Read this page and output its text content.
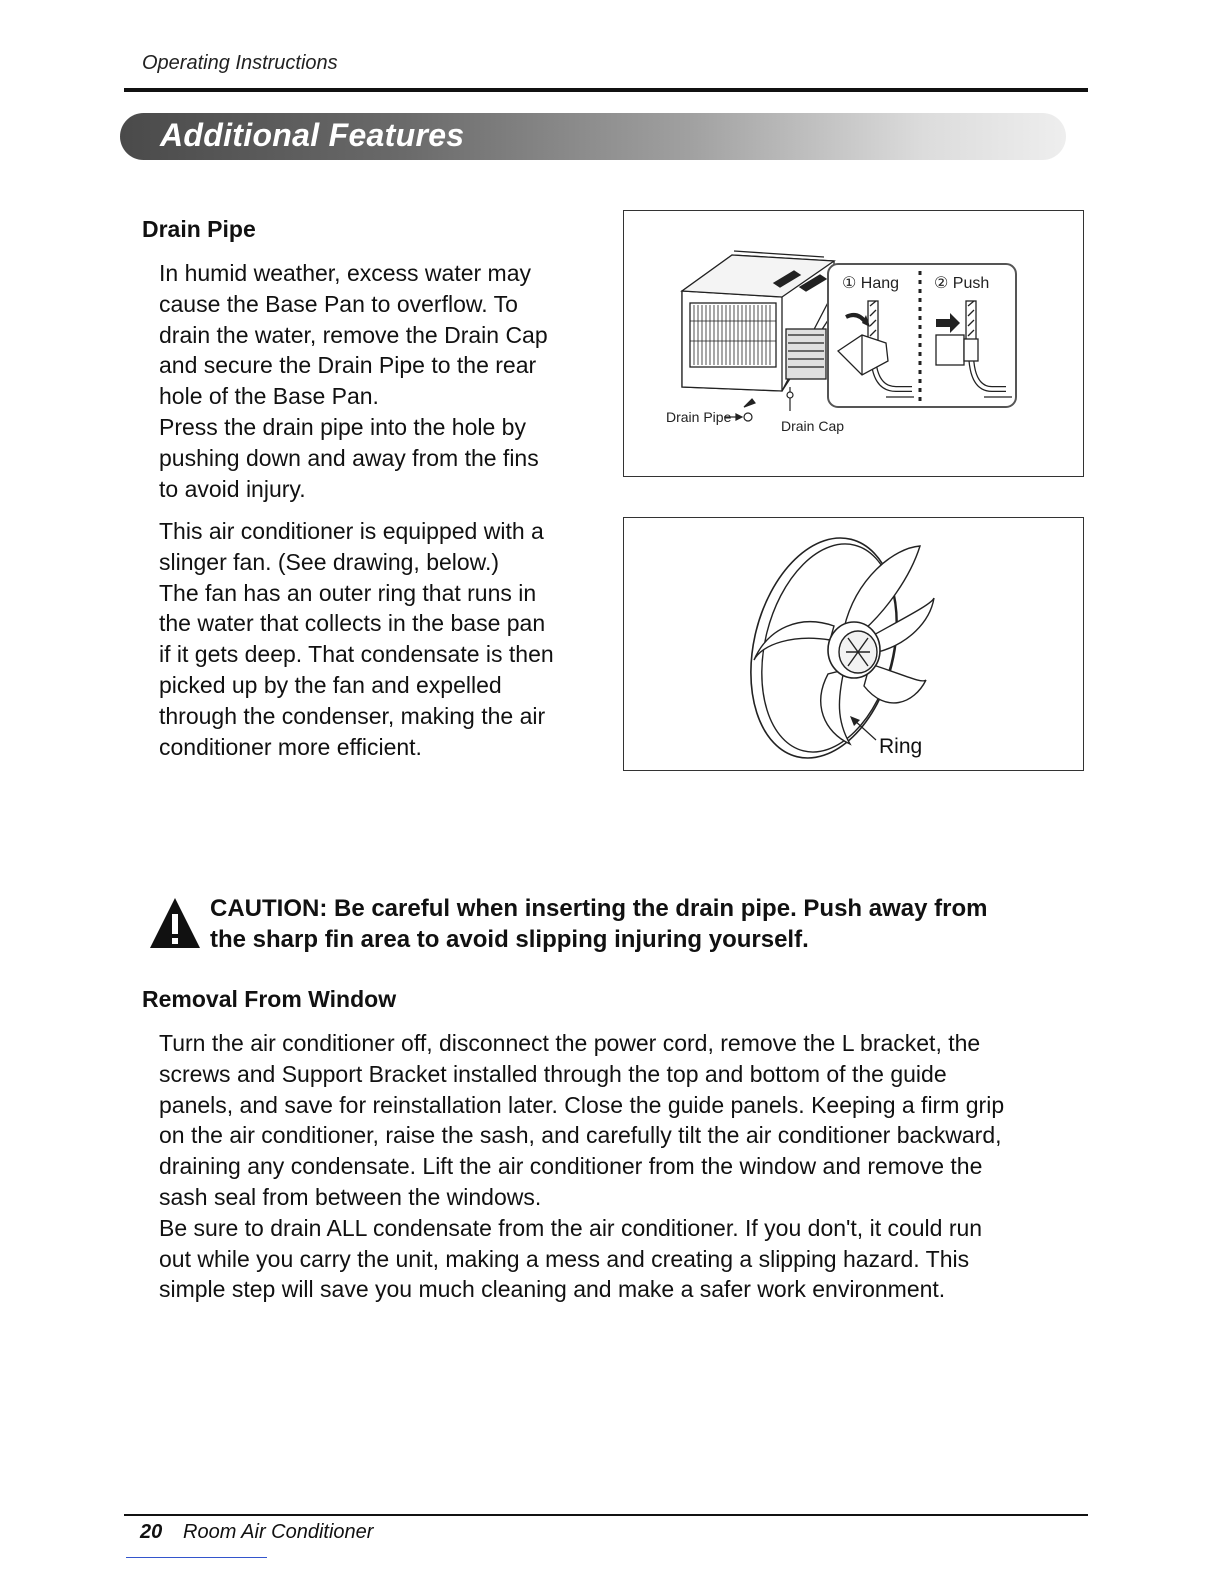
Operating Instructions
Additional Features
Drain Pipe

In humid weather, excess water may

cause the Base Pan to overflow. To

drain the water, remove the Drain Cap

and secure the Drain Pipe to the rear

hole of the Base Pan.

Press the drain pipe into the hole by

pushing down and away from the fins

to avoid injury.

This air conditioner is equipped with a

slinger fan. (See drawing, below.)

The fan has an outer ring that runs in

the water that collects in the base pan

if it gets deep. That condensate is then

picked up by the fan and expelled

through the condenser, making the air

conditioner more efficient.

Drain Pipe
Drain Cap
① Hang ② Push
Ring
CAUTION: Be careful when inserting the drain pipe. Push away from
the sharp fin area to avoid slipping injuring yourself.
Removal From Window

Turn the air conditioner off, disconnect the power cord, remove the L bracket, the

screws and Support Bracket installed through the top and bottom of the guide

panels, and save for reinstallation later. Close the guide panels. Keeping a firm grip

on the air conditioner, raise the sash, and carefully tilt the air conditioner backward,

draining any condensate. Lift the air conditioner from the window and remove the

sash seal from between the windows.

Be sure to drain ALL condensate from the air conditioner. If you don't, it could run

out while you carry the unit, making a mess and creating a slipping hazard. This

simple step will save you much cleaning and make a safer work environment.

20 Room Air Conditioner
